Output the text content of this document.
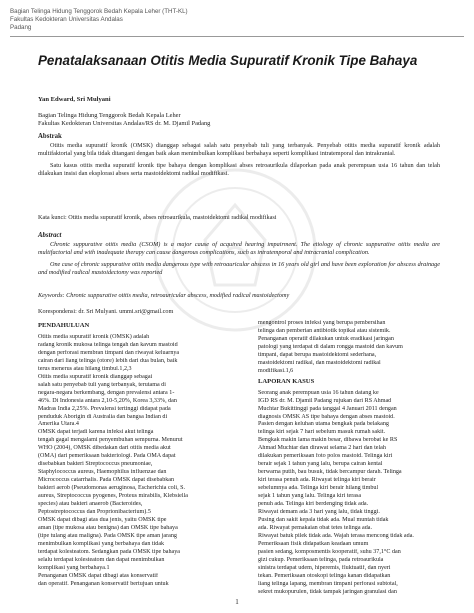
Bagian Telinga Hidung Tenggorok Bedah Kepala Leher (THT-KL)
Fakultas Kedokteran Universitas Andalas
Padang
Penatalaksanaan Otitis Media Supuratif Kronik Tipe Bahaya
Yan Edward, Sri Mulyani
Bagian Telinga Hidung Tenggorok Bedah Kepala Leher
Fakultas Kedokteran Universitas Andalas/RS dr. M. Djamil Padang
Abstrak

Otitis media supuratif kronik (OMSK) dianggap sebagai salah satu penyebab tuli yang terbanyak. Penyebab otitis media supuratif kronik adalah multifaktorial yang bila tidak ditangani dengan baik akan menimbulkan komplikasi berbahaya seperti komplikasi intratemporal dan intrakranial.

Satu kasus otitis media supuratif kronik tipe bahaya dengan komplikasi abses retroaurikula dilaporkan pada anak perempuan usia 16 tahun dan telah dilakukan insisi dan eksplorasi abses serta mastoidektomi radikal modifikasi.

Kata kunci: Otitis media supuratif kronik, abses retroaurikula, mastoidektomi radikal modifikasi
Abstract

Chronic suppurative otitis media (CSOM) is a major cause of acquired hearing impairment. The etiology of chronic suppurative otitis media are multifactorial and with inadequate therapy can cause dangerous complications, such as intratemporal and intracranial complication.

One case of chronic suppurative otitis media dangerous type with retroauricular abscess in 16 years old girl and have been exploration for abscess drainage and modified radical mastoidectomy was reported

Keywords: Chronic suppurative otitis media, retroauricular abscess, modified radical mastoidectomy
Korespondensi: dr. Sri Mulyani. ummi.sri@gmail.com
PENDAHULUAN
Otitis media supuratif kronik (OMSK) adalah
radang kronik mukosa telinga tengah dan kavum mastoid
dengan perforasi membran timpani dan riwayat keluarnya
cairan dari liang telinga (otore) lebih dari dua bulan, baik
terus menerus atau hilang timbul.1,2,3
Otitis media supuratif kronik dianggap sebagai
salah satu penyebab tuli yang terbanyak, terutama di
negara-negara berkembang, dengan prevalensi antara 1-
46%. Di Indonesia antara 2,10-5,20%, Korea 3,33%, dan
Madras India 2,25%. Prevalensi tertinggi didapat pada
penduduk Aborigin di Australia dan bangsa Indian di
Amerika Utara.4
OMSK dapat terjadi karena infeksi akut telinga
tengah gagal mengalami penyembuhan sempurna. Menurut
WHO (2004), OMSK dibedakan dari otitis media akut
(OMA) dari pemeriksaan bakteriologi. Pada OMA dapat
disebabkan bakteri Streptococcus pneumoniae,
Staphylococcus aureus, Haemophilus influenzae dan
Micrococcus catarrhalis. Pada OMSK dapat disebabkan
bakteri aerob (Pseudomonas aeruginosa, Escherichia coli, S.
aureus, Streptococcus pyogenes, Proteus mirabilis, Klebsiella
species) atau bakteri anaerob (Bacteroides,
Peptostreptococcus dan Proprionibacterium).5
OMSK dapat dibagi atas dua jenis, yaitu OMSK tipe
aman (tipe mukosa atau benigna) dan OMSK tipe bahaya
(tipe tulang atau maligna). Pada OMSK tipe aman jarang
menimbulkan komplikasi yang berbahaya dan tidak
terdapat kolesteatom. Sedangkan pada OMSK tipe bahaya
selalu terdapat kolesteatom dan dapat menimbulkan
komplikasi yang berbahaya.1
Penanganan OMSK dapat dibagi atas konservatif
dan operatif. Penanganan konservatif bertujuan untuk
mengontrol proses infeksi yang berupa pembersihan
telinga dan pemberian antibiotik topikal atau sistemik.
Penanganan operatif dilakukan untuk eradikasi jaringan
patologi yang terdapat di dalam rongga mastoid dan kavum
timpani, dapat berupa mastoidektomi sederhana,
mastoidektomi radikal, dan mastoidektomi radikal
modifikasi.1,6
LAPORAN KASUS
Seorang anak perempuan usia 16 tahun datang ke
IGD RS dr. M. Djamil Padang rujukan dari RS Ahmad
Muchtar Bukittinggi pada tanggal 4 Januari 2011 dengan
diagnosis OMSK AS tipe bahaya dengan abses mastoid.
Pasien dengan keluhan utama bengkak pada belakang
telinga kiri sejak 7 hari sebelum masuk rumah sakit.
Bengkak makin lama makin besar, dibawa berobat ke RS
Ahmad Muchtar dan dirawat selama 2 hari dan telah
dilakukan pemeriksaan foto polos mastoid. Telinga kiri
berair sejak 1 tahun yang lalu, berupa cairan kental
berwarna putih, bau busuk, tidak bercampur darah. Telinga
kiri terasa penuh ada. Riwayat telinga kiri berair
sebelumnya ada. Telinga kiri berair hilang timbul
sejak 1 tahun yang lalu. Telinga kiri terasa
penuh ada. Telinga kiri berdenging tidak ada.
Riwayat demam ada 3 hari yang lalu, tidak tinggi.
Pusing dan sakit kepala tidak ada. Mual muntah tidak
ada. Riwayat pemakaian obat tetes telinga ada.
Riwayat batuk pilek tidak ada. Wajah terasa mencong tidak ada.
Pemeriksaan fisik didapatkan keadaan umum
pasien sedang, komposmentis kooperatif, suhu 37,1°C dan
gizi cukup. Pemeriksaan telinga, pada retroaurikula
sinistra terdapat udem, hiperemis, fluktuatif, dan nyeri
tekan. Pemeriksaan otoskopi telinga kanan didapatkan
liang telinga lapang, membran timpani perforasi subtotal,
sekret mukopurulen, tidak tampak jaringan granulasi dan
1
